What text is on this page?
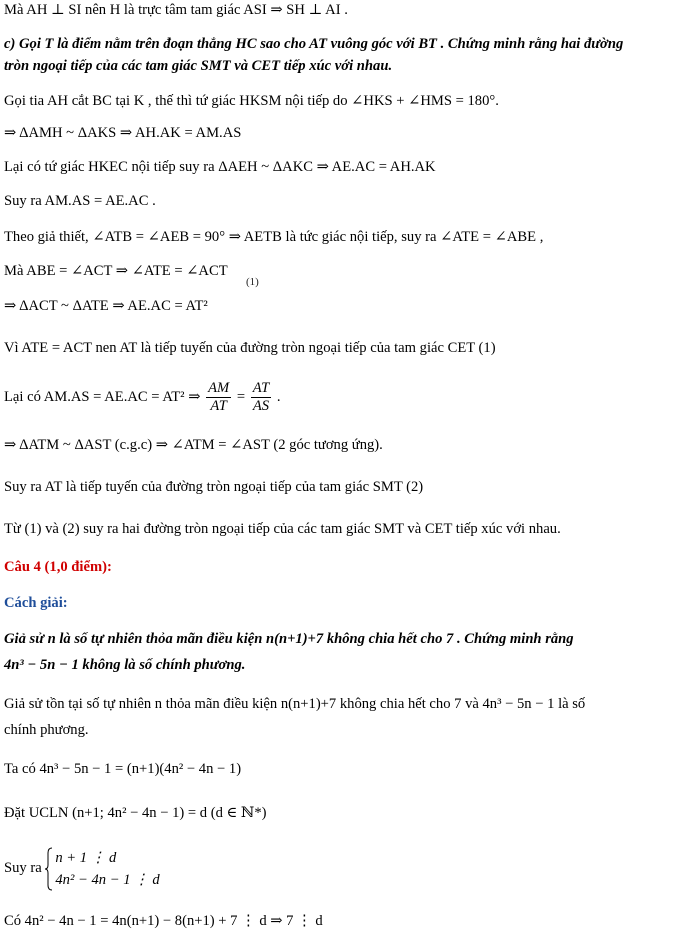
Mà AH ⊥ SI nên H là trực tâm tam giác ASI ⇒ SH ⊥ AI .
c) Gọi T là điểm nằm trên đoạn thẳng HC sao cho AT vuông góc với BT . Chứng minh rằng hai đường
tròn ngoại tiếp của các tam giác SMT và CET tiếp xúc với nhau.
Gọi tia AH cắt BC tại K , thế thì tứ giác HKSM nội tiếp do ∠HKS + ∠HMS = 180°.
⇒ ΔAMH ~ ΔAKS ⇒ AH.AK = AM.AS
Lại có tứ giác HKEC nội tiếp suy ra ΔAEH ~ ΔAKC ⇒ AE.AC = AH.AK
Suy ra AM.AS = AE.AC .
Theo giả thiết, ∠ATB = ∠AEB = 90° ⇒ AETB là tức giác nội tiếp, suy ra ∠ATE = ∠ABE ,
Mà ABE = ∠ACT ⇒ ∠ATE = ∠ACT
(1)
⇒ ΔACT ~ ΔATE ⇒ AE.AC = AT²
Vì ATE = ACT nen AT là tiếp tuyến của đường tròn ngoại tiếp của tam giác CET (1)
Lại có AM.AS = AE.AC = AT² ⇒ $\frac{AM}{AT} = \frac{AT}{AS}$ .
⇒ ΔATM ~ ΔAST (c.g.c) ⇒ ∠ATM = ∠AST (2 góc tương ứng).
Suy ra AT là tiếp tuyến của đường tròn ngoại tiếp của tam giác SMT (2)
Từ (1) và (2) suy ra hai đường tròn ngoại tiếp của các tam giác SMT và CET tiếp xúc với nhau.
Câu 4 (1,0 điểm):
Cách giải:
Giả sử n là số tự nhiên thỏa mãn điều kiện n(n+1)+7 không chia hết cho 7 . Chứng minh rằng
4n³ − 5n − 1 không là số chính phương.
Giả sử tồn tại số tự nhiên n thỏa mãn điều kiện n(n+1)+7 không chia hết cho 7 và 4n³ − 5n − 1 là số
chính phương.
Ta có 4n³ − 5n − 1 = (n+1)(4n² − 4n − 1)
Đặt UCLN (n+1; 4n² − 4n − 1) = d (d ∈ ℕ*)
Suy ra
n + 1 ⋮ d
4n² − 4n − 1 ⋮ d
Có 4n² − 4n − 1 = 4n(n+1) − 8(n+1) + 7 ⋮ d ⇒ 7 ⋮ d
